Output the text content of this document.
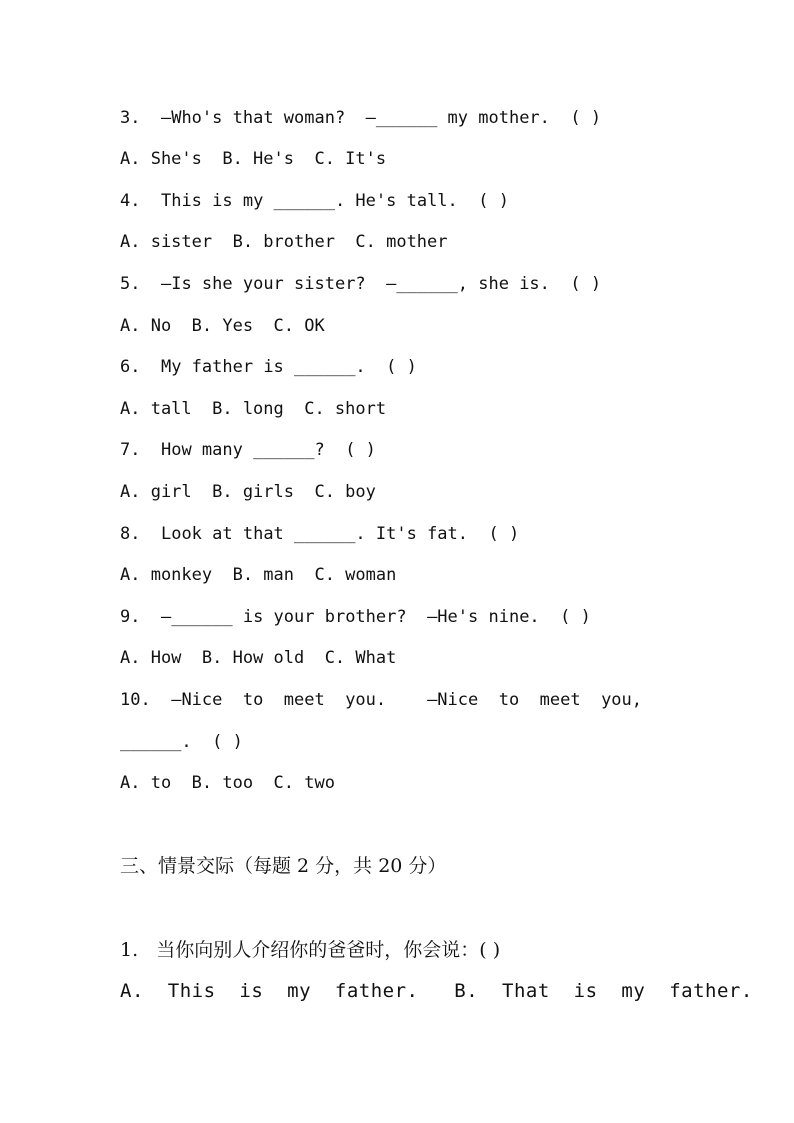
3. —Who's that woman?  —______ my mother.  ( )

A. She's  B. He's  C. It's

4. This is my ______. He's tall.  ( )

A. sister  B. brother  C. mother

5. —Is she your sister?  —______, she is.  ( )

A. No  B. Yes  C. OK

6. My father is ______.  ( )

A. tall  B. long  C. short

7. How many ______?  ( )

A. girl  B. girls  C. boy

8. Look at that ______. It's fat.  ( )

A. monkey  B. man  C. woman

9. —______ is your brother?  —He's nine.  ( )

A. How  B. How old  C. What

10. —Nice  to  meet  you.    —Nice  to  meet  you,

______.  ( )

A. to  B. too  C. two

三、情景交际（每题 2 分，共 20 分）

1.   当你向别人介绍你的爸爸时，你会说：( )

A.  This  is  my  father.   B.  That  is  my  father.
